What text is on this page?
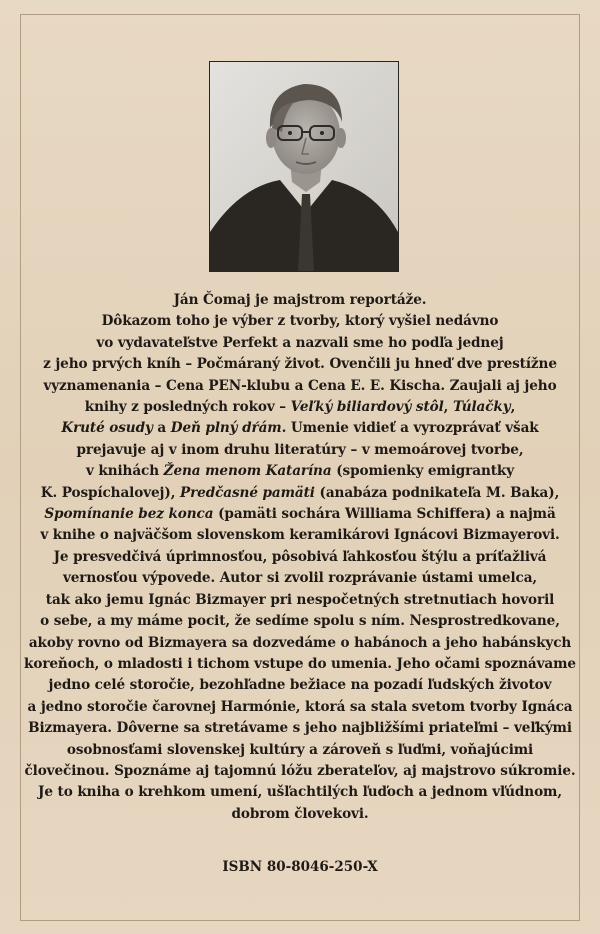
Ján Čomaj je majstrom reportáže.
Dôkazom toho je výber z tvorby, ktorý vyšiel nedávno
vo vydavateľstve Perfekt a nazvali sme ho podľa jednej
z jeho prvých kníh – Počmáraný život. Ovenčili ju hneď dve prestížne
vyznamenania – Cena PEN-klubu a Cena E. E. Kischa. Zaujali aj jeho
knihy z posledných rokov – Veľký biliardový stôl, Túlačky,
Kruté osudy a Deň plný dŕám. Umenie vidieť a vyrozprávať však
prejavuje aj v inom druhu literatúry – v memoárovej tvorbe,
v knihách Žena menom Katarína (spomienky emigrantky
K. Pospíchalovej), Predčasné pamäti (anabáza podnikateľa M. Baka),
Spomínanie bez konca (pamäti sochára Williama Schiffera) a najmä
v knihe o najväčšom slovenskom keramikárovi Ignácovi Bizmayerovi.
Je presvedčivá úprimnosťou, pôsobivá ľahkosťou štýlu a príťažlivá
vernosťou výpovede. Autor si zvolil rozprávanie ústami umelca,
tak ako jemu Ignác Bizmayer pri nespočetných stretnutiach hovoril
o sebe, a my máme pocit, že sedíme spolu s ním. Nesprostredkovane,
akoby rovno od Bizmayera sa dozvedáme o habánoch a jeho habánskych
koreňoch, o mladosti i tichom vstupe do umenia. Jeho očami spoznávame
jedno celé storočie, bezohľadne bežiace na pozadí ľudských životov
a jedno storočie čarovnej Harmónie, ktorá sa stala svetom tvorby Ignáca
Bizmayera. Dôverne sa stretávame s jeho najbližšími priateľmi – veľkými
osobnosťami slovenskej kultúry a zároveň s ľuďmi, voňajúcimi
človečinou. Spoznáme aj tajomnú lóžu zberateľov, aj majstrovo súkromie.
Je to kniha o krehkom umení, ušľachtilých ľuďoch a jednom vľúdnom,
dobrom človekovi.
ISBN 80-8046-250-X
